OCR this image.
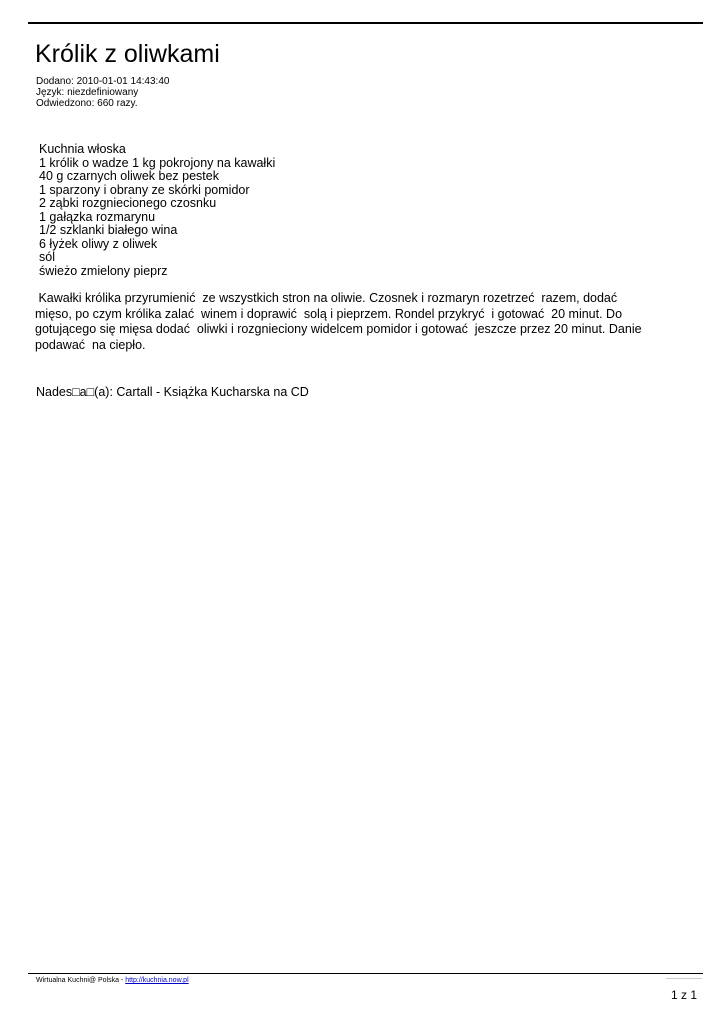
Królik z oliwkami
Dodano: 2010-01-01 14:43:40
Język: niezdefiniowany
Odwiedzono: 660 razy.
Kuchnia włoska
1 królik o wadze 1 kg pokrojony na kawałki
40 g czarnych oliwek bez pestek
1 sparzony i obrany ze skórki pomidor
2 ząbki rozgniecionego czosnku
1 gałązka rozmarynu
1/2 szklanki białego wina
6 łyżek oliwy z oliwek
sól
świeżo zmielony pieprz
Kawałki królika przyrumienić  ze wszystkich stron na oliwie. Czosnek i rozmaryn rozetrzeć  razem, dodać
mięso, po czym królika zalać  winem i doprawić  solą i pieprzem. Rondel przykryć  i gotować  20 minut. Do
gotującego się mięsa dodać  oliwki i rozgnieciony widelcem pomidor i gotować  jeszcze przez 20 minut. Danie
podawać  na ciepło.
Nades□a□(a): Cartall - Książka Kucharska na CD
Wirtualna Kuchni@ Polska - http://kuchnia.now.pl
1 z 1
